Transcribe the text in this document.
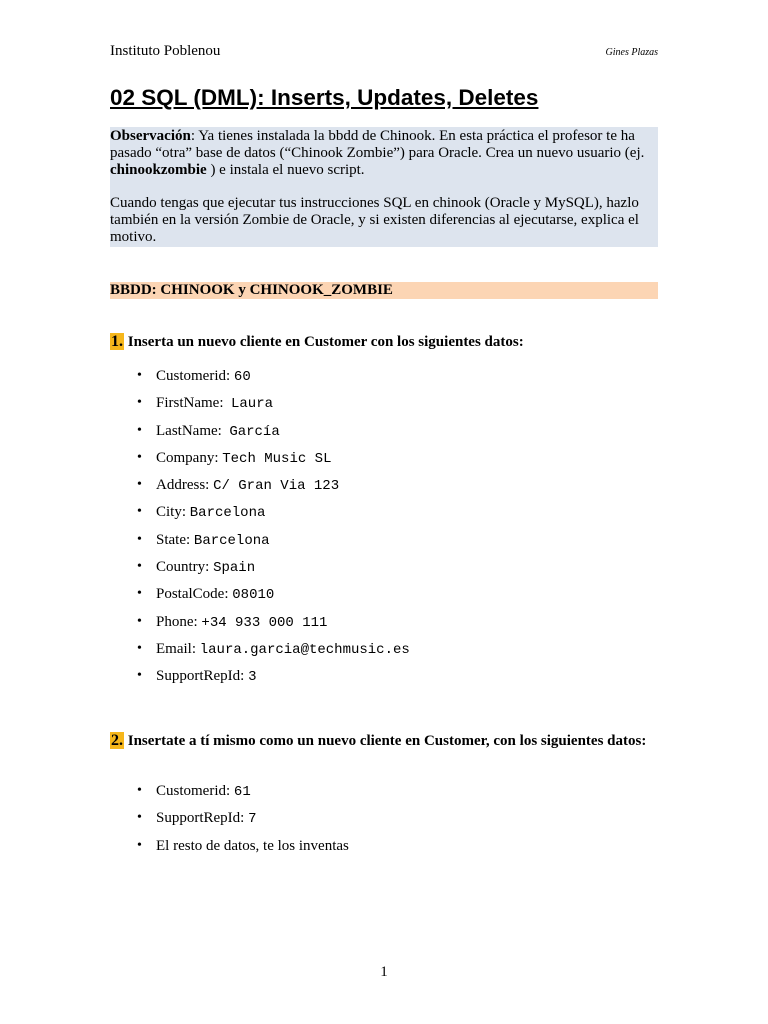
Instituto Poblenou	Gines Plazas
02 SQL (DML): Inserts, Updates, Deletes

Observación: Ya tienes instalada la bbdd de Chinook. En esta práctica el profesor te ha pasado “otra” base de datos (“Chinook Zombie”) para Oracle. Crea un nuevo usuario (ej. chinookzombie ) e instala el nuevo script.

Cuando tengas que ejecutar tus instrucciones SQL en chinook (Oracle y MySQL), hazlo también en la versión Zombie de Oracle, y si existen diferencias al ejecutarse, explica el motivo.

BBDD: CHINOOK y CHINOOK_ZOMBIE
1. Inserta un nuevo cliente en Customer con los siguientes datos:
• Customerid: 60
• FirstName:  Laura
• LastName:  García
• Company: Tech Music SL
• Address: C/ Gran Via 123
• City: Barcelona
• State: Barcelona
• Country: Spain
• PostalCode: 08010
• Phone: +34 933 000 111
• Email: laura.garcia@techmusic.es
• SupportRepId: 3
2. Insertate a tí mismo como un nuevo cliente en Customer, con los siguientes datos:
• Customerid: 61
• SupportRepId: 7
• El resto de datos, te los inventas
1
